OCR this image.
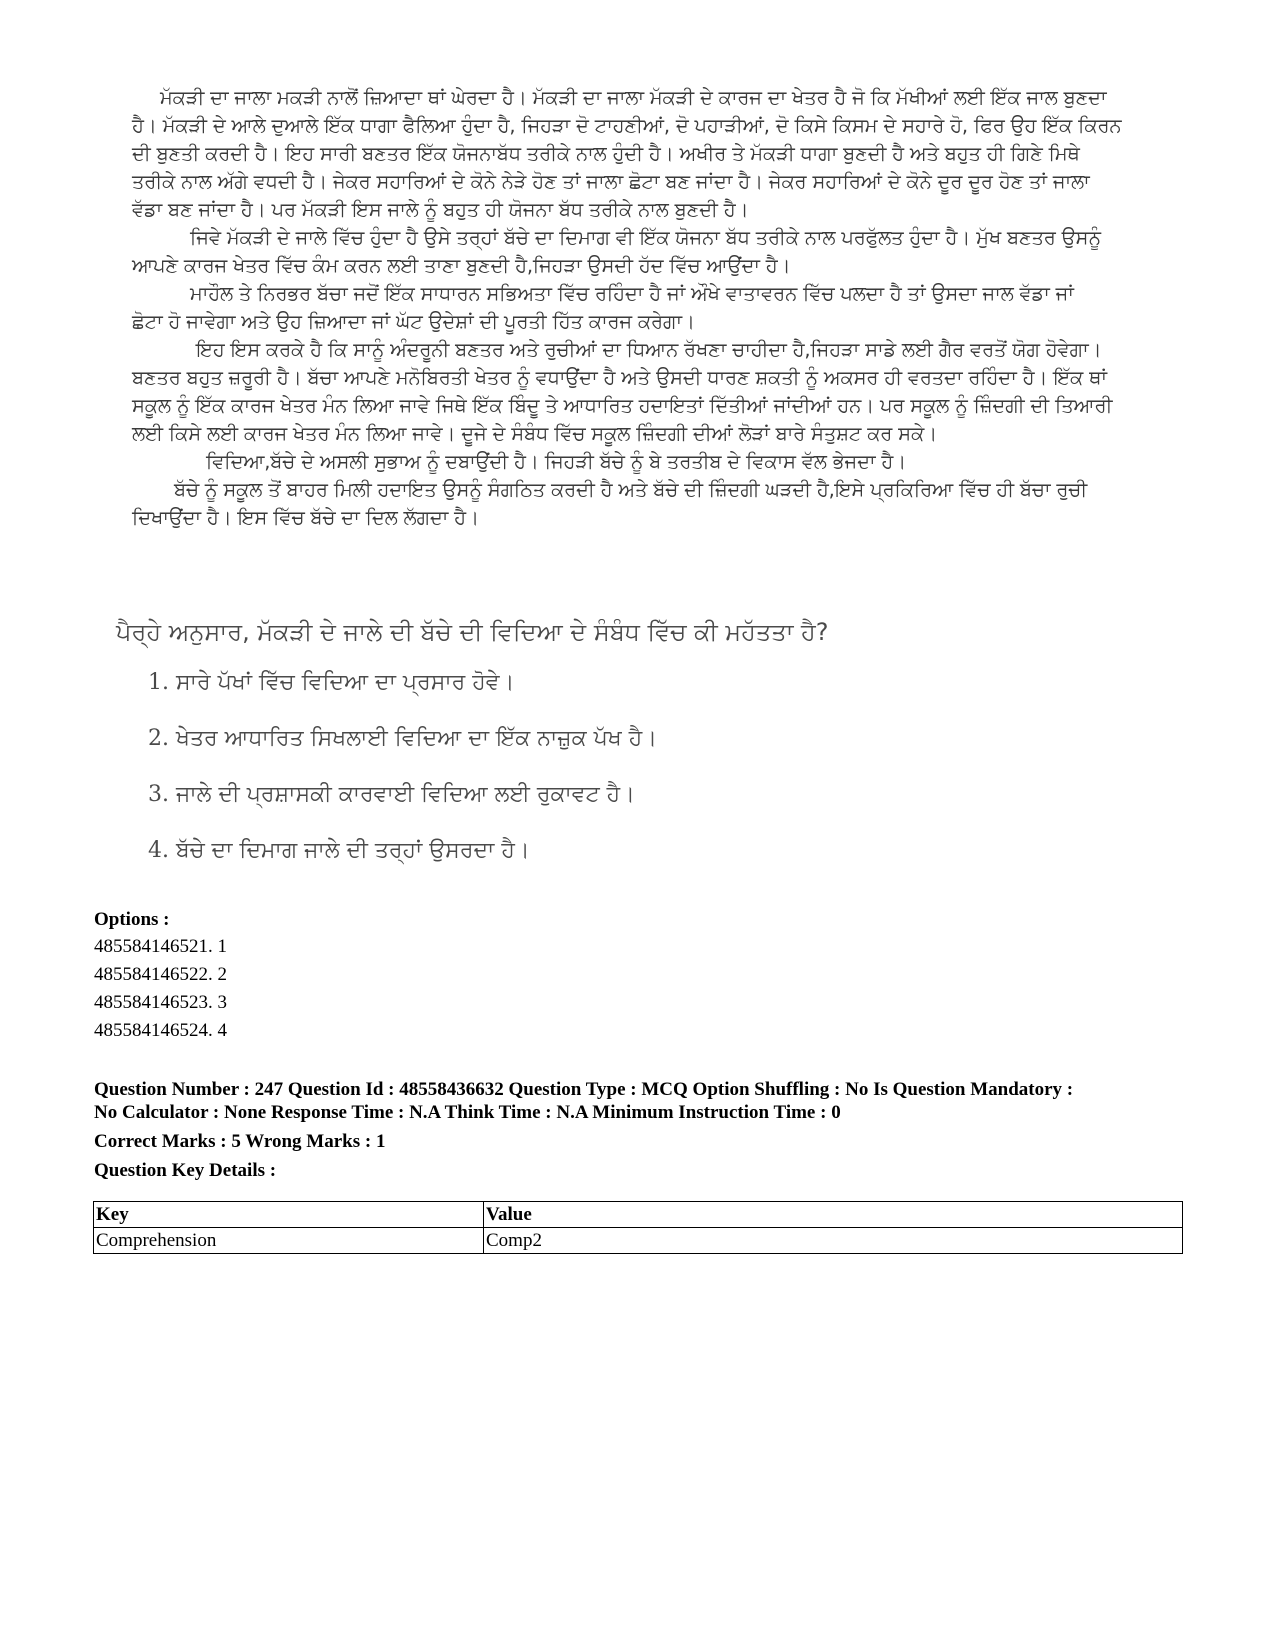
ਮੱਕੜੀ ਦਾ ਜਾਲਾ ਮਕੜੀ ਨਾਲੋਂ ਜ਼ਿਆਦਾ ਥਾਂ ਘੇਰਦਾ ਹੈ। ਮੱਕੜੀ ਦਾ ਜਾਲਾ ਮੱਕੜੀ ਦੇ ਕਾਰਜ ਦਾ ਖੇਤਰ ਹੈ ਜੋ ਕਿ ਮੱਖੀਆਂ ਲਈ ਇੱਕ ਜਾਲ ਬੁਣਦਾ
ਹੈ। ਮੱਕੜੀ ਦੇ ਆਲੇ ਦੁਆਲੇ ਇੱਕ ਧਾਗਾ ਫੈਲਿਆ ਹੁੰਦਾ ਹੈ, ਜਿਹੜਾ ਦੋ ਟਾਹਣੀਆਂ, ਦੋ ਪਹਾੜੀਆਂ, ਦੋ ਕਿਸੇ ਕਿਸਮ ਦੇ ਸਹਾਰੇ ਹੋ, ਫਿਰ ਉਹ ਇੱਕ ਕਿਰਨ
ਦੀ ਬੁਣਤੀ ਕਰਦੀ ਹੈ। ਇਹ ਸਾਰੀ ਬਣਤਰ ਇੱਕ ਯੋਜਨਾਬੱਧ ਤਰੀਕੇ ਨਾਲ ਹੁੰਦੀ ਹੈ। ਅਖੀਰ ਤੇ ਮੱਕੜੀ ਧਾਗਾ ਬੁਣਦੀ ਹੈ ਅਤੇ ਬਹੁਤ ਹੀ ਗਿਣੇ ਮਿਥੇ
ਤਰੀਕੇ ਨਾਲ ਅੱਗੇ ਵਧਦੀ ਹੈ। ਜੇਕਰ ਸਹਾਰਿਆਂ ਦੇ ਕੋਨੇ ਨੇੜੇ ਹੋਣ ਤਾਂ ਜਾਲਾ ਛੋਟਾ ਬਣ ਜਾਂਦਾ ਹੈ। ਜੇਕਰ ਸਹਾਰਿਆਂ ਦੇ ਕੋਨੇ ਦੂਰ ਦੂਰ ਹੋਣ ਤਾਂ ਜਾਲਾ
ਵੱਡਾ ਬਣ ਜਾਂਦਾ ਹੈ। ਪਰ ਮੱਕੜੀ ਇਸ ਜਾਲੇ ਨੂੰ ਬਹੁਤ ਹੀ ਯੋਜਨਾ ਬੱਧ ਤਰੀਕੇ ਨਾਲ ਬੁਣਦੀ ਹੈ।
ਜਿਵੇ ਮੱਕੜੀ ਦੇ ਜਾਲੇ ਵਿੱਚ ਹੁੰਦਾ ਹੈ ਉਸੇ ਤਰ੍ਹਾਂ ਬੱਚੇ ਦਾ ਦਿਮਾਗ ਵੀ ਇੱਕ ਯੋਜਨਾ ਬੱਧ ਤਰੀਕੇ ਨਾਲ ਪਰਫੁੱਲਤ ਹੁੰਦਾ ਹੈ। ਮੁੱਖ ਬਣਤਰ ਉਸਨੂੰ
ਆਪਣੇ ਕਾਰਜ ਖੇਤਰ ਵਿੱਚ ਕੰਮ ਕਰਨ ਲਈ ਤਾਣਾ ਬੁਣਦੀ ਹੈ,ਜਿਹੜਾ ਉਸਦੀ ਹੱਦ ਵਿੱਚ ਆਉਂਦਾ ਹੈ।
ਮਾਹੌਲ ਤੇ ਨਿਰਭਰ ਬੱਚਾ ਜਦੋਂ ਇੱਕ ਸਾਧਾਰਨ ਸਭਿਅਤਾ ਵਿੱਚ ਰਹਿੰਦਾ ਹੈ ਜਾਂ ਔਖੇ ਵਾਤਾਵਰਨ ਵਿੱਚ ਪਲਦਾ ਹੈ ਤਾਂ ਉਸਦਾ ਜਾਲ ਵੱਡਾ ਜਾਂ
ਛੋਟਾ ਹੋ ਜਾਵੇਗਾ ਅਤੇ ਉਹ ਜ਼ਿਆਦਾ ਜਾਂ ਘੱਟ ਉਦੇਸ਼ਾਂ ਦੀ ਪੂਰਤੀ ਹਿੱਤ ਕਾਰਜ ਕਰੇਗਾ।
ਇਹ ਇਸ ਕਰਕੇ ਹੈ ਕਿ ਸਾਨੂੰ ਅੰਦਰੂਨੀ ਬਣਤਰ ਅਤੇ ਰੁਚੀਆਂ ਦਾ ਧਿਆਨ ਰੱਖਣਾ ਚਾਹੀਦਾ ਹੈ,ਜਿਹੜਾ ਸਾਡੇ ਲਈ ਗੈਰ ਵਰਤੋਂ ਯੋਗ ਹੋਵੇਗਾ।
ਬਣਤਰ ਬਹੁਤ ਜ਼ਰੂਰੀ ਹੈ। ਬੱਚਾ ਆਪਣੇ ਮਨੋਬਿਰਤੀ ਖੇਤਰ ਨੂੰ ਵਧਾਉਂਦਾ ਹੈ ਅਤੇ ਉਸਦੀ ਧਾਰਣ ਸ਼ਕਤੀ ਨੂੰ ਅਕਸਰ ਹੀ ਵਰਤਦਾ ਰਹਿੰਦਾ ਹੈ। ਇੱਕ ਥਾਂ
ਸਕੂਲ ਨੂੰ ਇੱਕ ਕਾਰਜ ਖੇਤਰ ਮੰਨ ਲਿਆ ਜਾਵੇ ਜਿਥੇ ਇੱਕ ਬਿੰਦੂ ਤੇ ਆਧਾਰਿਤ ਹਦਾਇਤਾਂ ਦਿੱਤੀਆਂ ਜਾਂਦੀਆਂ ਹਨ। ਪਰ ਸਕੂਲ ਨੂੰ ਜ਼ਿੰਦਗੀ ਦੀ ਤਿਆਰੀ
ਲਈ ਕਿਸੇ ਲਈ ਕਾਰਜ ਖੇਤਰ ਮੰਨ ਲਿਆ ਜਾਵੇ। ਦੂਜੇ ਦੇ ਸੰਬੰਧ ਵਿੱਚ ਸਕੂਲ ਜ਼ਿੰਦਗੀ ਦੀਆਂ ਲੋੜਾਂ ਬਾਰੇ ਸੰਤੁਸ਼ਟ ਕਰ ਸਕੇ।
ਵਿਦਿਆ,ਬੱਚੇ ਦੇ ਅਸਲੀ ਸੁਭਾਅ ਨੂੰ ਦਬਾਉਂਦੀ ਹੈ। ਜਿਹੜੀ ਬੱਚੇ ਨੂੰ ਬੇ ਤਰਤੀਬ ਦੇ ਵਿਕਾਸ ਵੱਲ ਭੇਜਦਾ ਹੈ।
ਬੱਚੇ ਨੂੰ ਸਕੂਲ ਤੋਂ ਬਾਹਰ ਮਿਲੀ ਹਦਾਇਤ ਉਸਨੂੰ ਸੰਗਠਿਤ ਕਰਦੀ ਹੈ ਅਤੇ ਬੱਚੇ ਦੀ ਜ਼ਿੰਦਗੀ ਘੜਦੀ ਹੈ,ਇਸੇ ਪ੍ਰਕਿਰਿਆ ਵਿੱਚ ਹੀ ਬੱਚਾ ਰੁਚੀ
ਦਿਖਾਉਂਦਾ ਹੈ। ਇਸ ਵਿੱਚ ਬੱਚੇ ਦਾ ਦਿਲ ਲੱਗਦਾ ਹੈ।
ਪੈਰ੍ਹੇ ਅਨੁਸਾਰ, ਮੱਕੜੀ ਦੇ ਜਾਲੇ ਦੀ ਬੱਚੇ ਦੀ ਵਿਦਿਆ ਦੇ ਸੰਬੰਧ ਵਿੱਚ ਕੀ ਮਹੱਤਤਾ ਹੈ?
1. ਸਾਰੇ ਪੱਖਾਂ ਵਿੱਚ ਵਿਦਿਆ ਦਾ ਪ੍ਰਸਾਰ ਹੋਵੇ।
2. ਖੇਤਰ ਆਧਾਰਿਤ ਸਿਖਲਾਈ ਵਿਦਿਆ ਦਾ ਇੱਕ ਨਾਜ਼ੁਕ ਪੱਖ ਹੈ।
3. ਜਾਲੇ ਦੀ ਪ੍ਰਸ਼ਾਸਕੀ ਕਾਰਵਾਈ ਵਿਦਿਆ ਲਈ ਰੁਕਾਵਟ ਹੈ।
4. ਬੱਚੇ ਦਾ ਦਿਮਾਗ ਜਾਲੇ ਦੀ ਤਰ੍ਹਾਂ ਉਸਰਦਾ ਹੈ।
Options :
485584146521. 1
485584146522. 2
485584146523. 3
485584146524. 4
Question Number : 247 Question Id : 48558436632 Question Type : MCQ Option Shuffling : No Is Question Mandatory :
No Calculator : None Response Time : N.A Think Time : N.A Minimum Instruction Time : 0
Correct Marks : 5 Wrong Marks : 1
Question Key Details :
Key	Value
Comprehension	Comp2
